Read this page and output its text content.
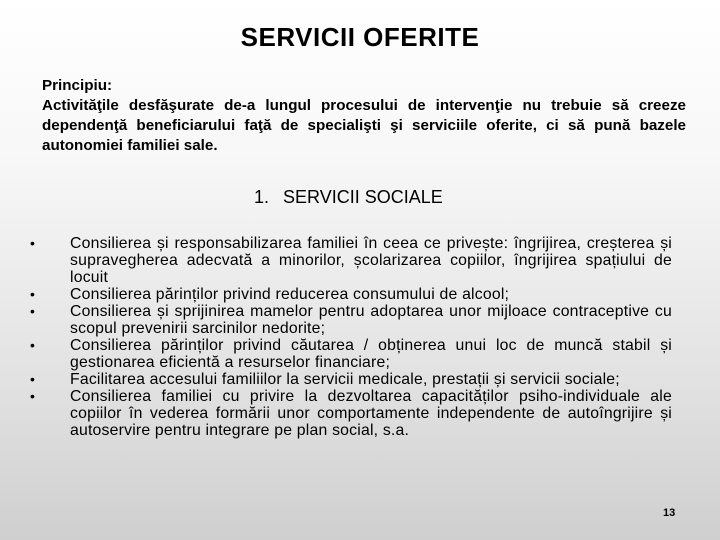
SERVICII OFERITE

Principiu:

Activităţile desfăşurate de-a lungul procesului de intervenţie nu trebuie să creeze dependenţă beneficiarului faţă de specialişti şi serviciile oferite, ci să pună bazele autonomiei familiei sale.

1. SERVICII SOCIALE
• Consilierea și responsabilizarea familiei în ceea ce privește: îngrijirea, creșterea și supravegherea adecvată a minorilor, școlarizarea copiilor, îngrijirea spațiului de locuit
• Consilierea părinților privind reducerea consumului de alcool;
• Consilierea și sprijinirea mamelor pentru adoptarea unor mijloace contraceptive cu scopul prevenirii sarcinilor nedorite;
• Consilierea părinților privind căutarea / obținerea unui loc de muncă stabil și gestionarea eficientă a resurselor financiare;
• Facilitarea accesului familiilor la servicii medicale, prestații și servicii sociale;
• Consilierea familiei cu privire la dezvoltarea capacităților psiho-individuale ale copiilor în vederea formării unor comportamente independente de autoîngrijire și autoservire pentru integrare pe plan social, s.a.
13
